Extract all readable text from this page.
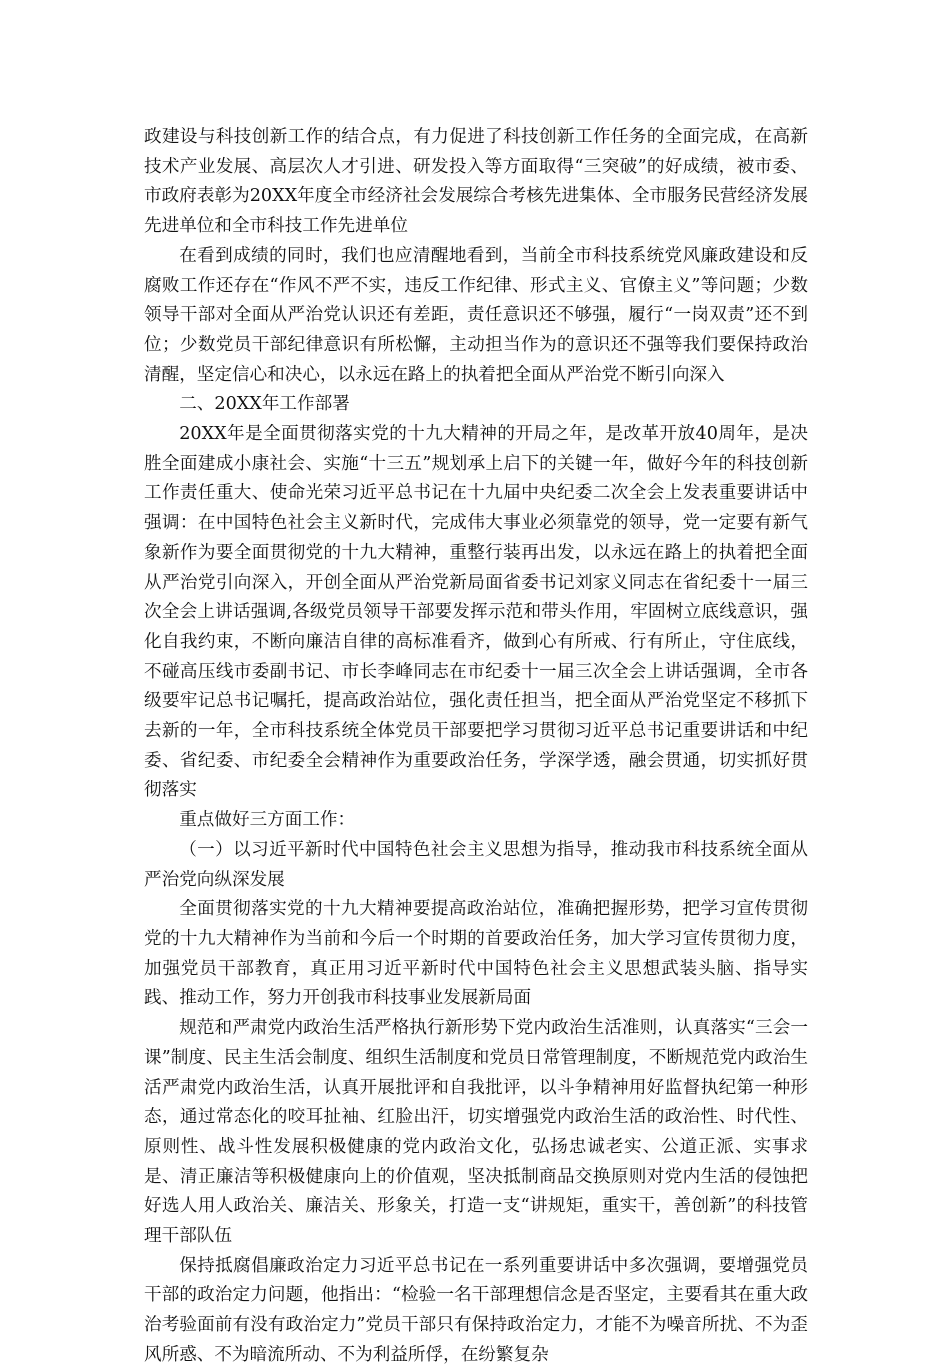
政建设与科技创新工作的结合点，有力促进了科技创新工作任务的全面完成，在高新技术产业发展、高层次人才引进、研发投入等方面取得“三突破”的好成绩，被市委、市政府表彰为20XX年度全市经济社会发展综合考核先进集体、全市服务民营经济发展先进单位和全市科技工作先进单位

在看到成绩的同时，我们也应清醒地看到，当前全市科技系统党风廉政建设和反腐败工作还存在“作风不严不实，违反工作纪律、形式主义、官僚主义”等问题；少数领导干部对全面从严治党认识还有差距，责任意识还不够强，履行“一岗双责”还不到位；少数党员干部纪律意识有所松懈，主动担当作为的意识还不强等我们要保持政治清醒，坚定信心和决心，以永远在路上的执着把全面从严治党不断引向深入

二、20XX年工作部署

20XX年是全面贯彻落实党的十九大精神的开局之年，是改革开放40周年，是决胜全面建成小康社会、实施“十三五”规划承上启下的关键一年，做好今年的科技创新工作责任重大、使命光荣习近平总书记在十九届中央纪委二次全会上发表重要讲话中强调：在中国特色社会主义新时代，完成伟大事业必须靠党的领导，党一定要有新气象新作为要全面贯彻党的十九大精神，重整行装再出发，以永远在路上的执着把全面从严治党引向深入，开创全面从严治党新局面省委书记刘家义同志在省纪委十一届三次全会上讲话强调,各级党员领导干部要发挥示范和带头作用，牢固树立底线意识，强化自我约束，不断向廉洁自律的高标准看齐，做到心有所戒、行有所止，守住底线，不碰高压线市委副书记、市长李峰同志在市纪委十一届三次全会上讲话强调，全市各级要牢记总书记嘱托，提高政治站位，强化责任担当，把全面从严治党坚定不移抓下去新的一年，全市科技系统全体党员干部要把学习贯彻习近平总书记重要讲话和中纪委、省纪委、市纪委全会精神作为重要政治任务，学深学透，融会贯通，切实抓好贯彻落实

重点做好三方面工作：

（一）以习近平新时代中国特色社会主义思想为指导，推动我市科技系统全面从严治党向纵深发展

全面贯彻落实党的十九大精神要提高政治站位，准确把握形势，把学习宣传贯彻党的十九大精神作为当前和今后一个时期的首要政治任务，加大学习宣传贯彻力度，加强党员干部教育，真正用习近平新时代中国特色社会主义思想武装头脑、指导实践、推动工作，努力开创我市科技事业发展新局面

规范和严肃党内政治生活严格执行新形势下党内政治生活准则，认真落实“三会一课”制度、民主生活会制度、组织生活制度和党员日常管理制度，不断规范党内政治生活严肃党内政治生活，认真开展批评和自我批评，以斗争精神用好监督执纪第一种形态，通过常态化的咬耳扯袖、红脸出汗，切实增强党内政治生活的政治性、时代性、原则性、战斗性发展积极健康的党内政治文化，弘扬忠诚老实、公道正派、实事求是、清正廉洁等积极健康向上的价值观，坚决抵制商品交换原则对党内生活的侵蚀把好选人用人政治关、廉洁关、形象关，打造一支“讲规矩，重实干，善创新”的科技管理干部队伍

保持抵腐倡廉政治定力习近平总书记在一系列重要讲话中多次强调，要增强党员干部的政治定力问题，他指出：“检验一名干部理想信念是否坚定，主要看其在重大政治考验面前有没有政治定力”党员干部只有保持政治定力，才能不为噪音所扰、不为歪风所惑、不为暗流所动、不为利益所俘，在纷繁复杂
